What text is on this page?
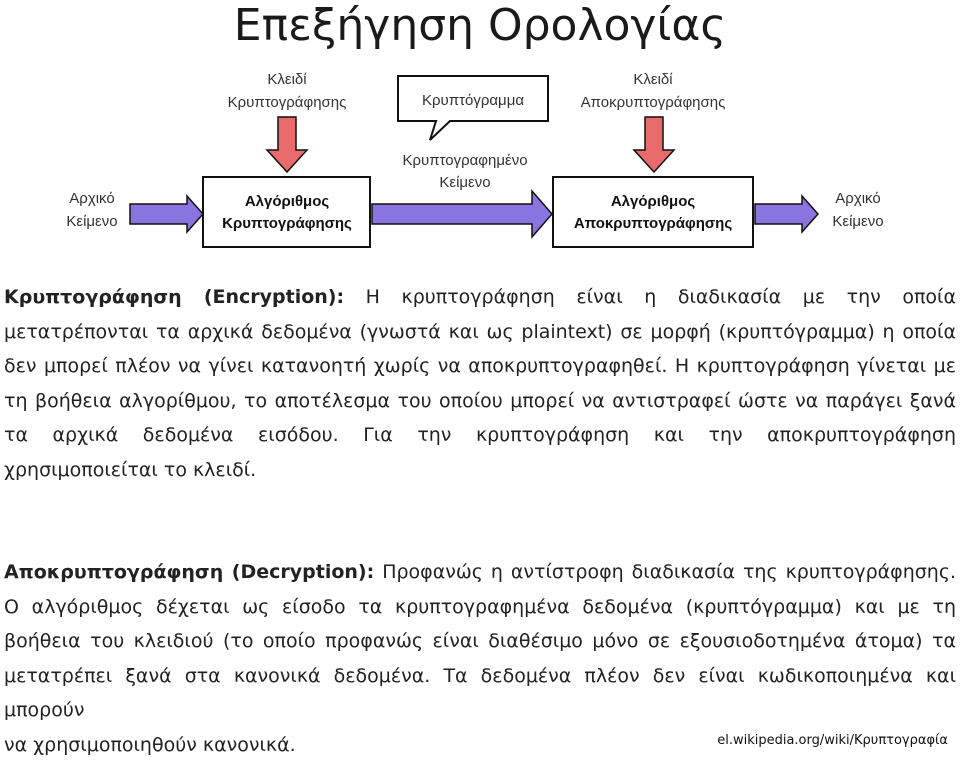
Επεξήγηση Ορολογίας
Κλειδί
Κρυπτογράφησης
Κλειδί
Αποκρυπτογράφησης
Κρυπτόγραμμα
Κρυπτογραφημένο
Κείμενο
Αρχικό
Κείμενο
Αλγόριθμος
Κρυπτογράφησης
Αλγόριθμος
Αποκρυπτογράφησης
Αρχικό
Κείμενο
Κρυπτογράφηση (Encryption): Η κρυπτογράφηση είναι η διαδικασία με την οποία μετατρέπονται τα αρχικά δεδομένα (γνωστά και ως plaintext) σε μορφή (κρυπτόγραμμα) η οποία δεν μπορεί πλέον να γίνει κατανοητή χωρίς να αποκρυπτογραφηθεί. Η κρυπτογράφηση γίνεται με τη βοήθεια αλγορίθμου, το αποτέλεσμα του οποίου μπορεί να αντιστραφεί ώστε να παράγει ξανά τα αρχικά δεδομένα εισόδου. Για την κρυπτογράφηση και την αποκρυπτογράφηση
χρησιμοποιείται το κλειδί.
Αποκρυπτογράφηση (Decryption): Προφανώς η αντίστροφη διαδικασία της κρυπτογράφησης. Ο αλγόριθμος δέχεται ως είσοδο τα κρυπτογραφημένα δεδομένα (κρυπτόγραμμα) και με τη βοήθεια του κλειδιού (το οποίο προφανώς είναι διαθέσιμο μόνο σε εξουσιοδοτημένα άτομα) τα μετατρέπει ξανά στα κανονικά δεδομένα. Τα δεδομένα πλέον δεν είναι κωδικοποιημένα και μπορούν
να χρησιμοποιηθούν κανονικά.	el.wikipedia.org/wiki/Κρυπτογραφία
